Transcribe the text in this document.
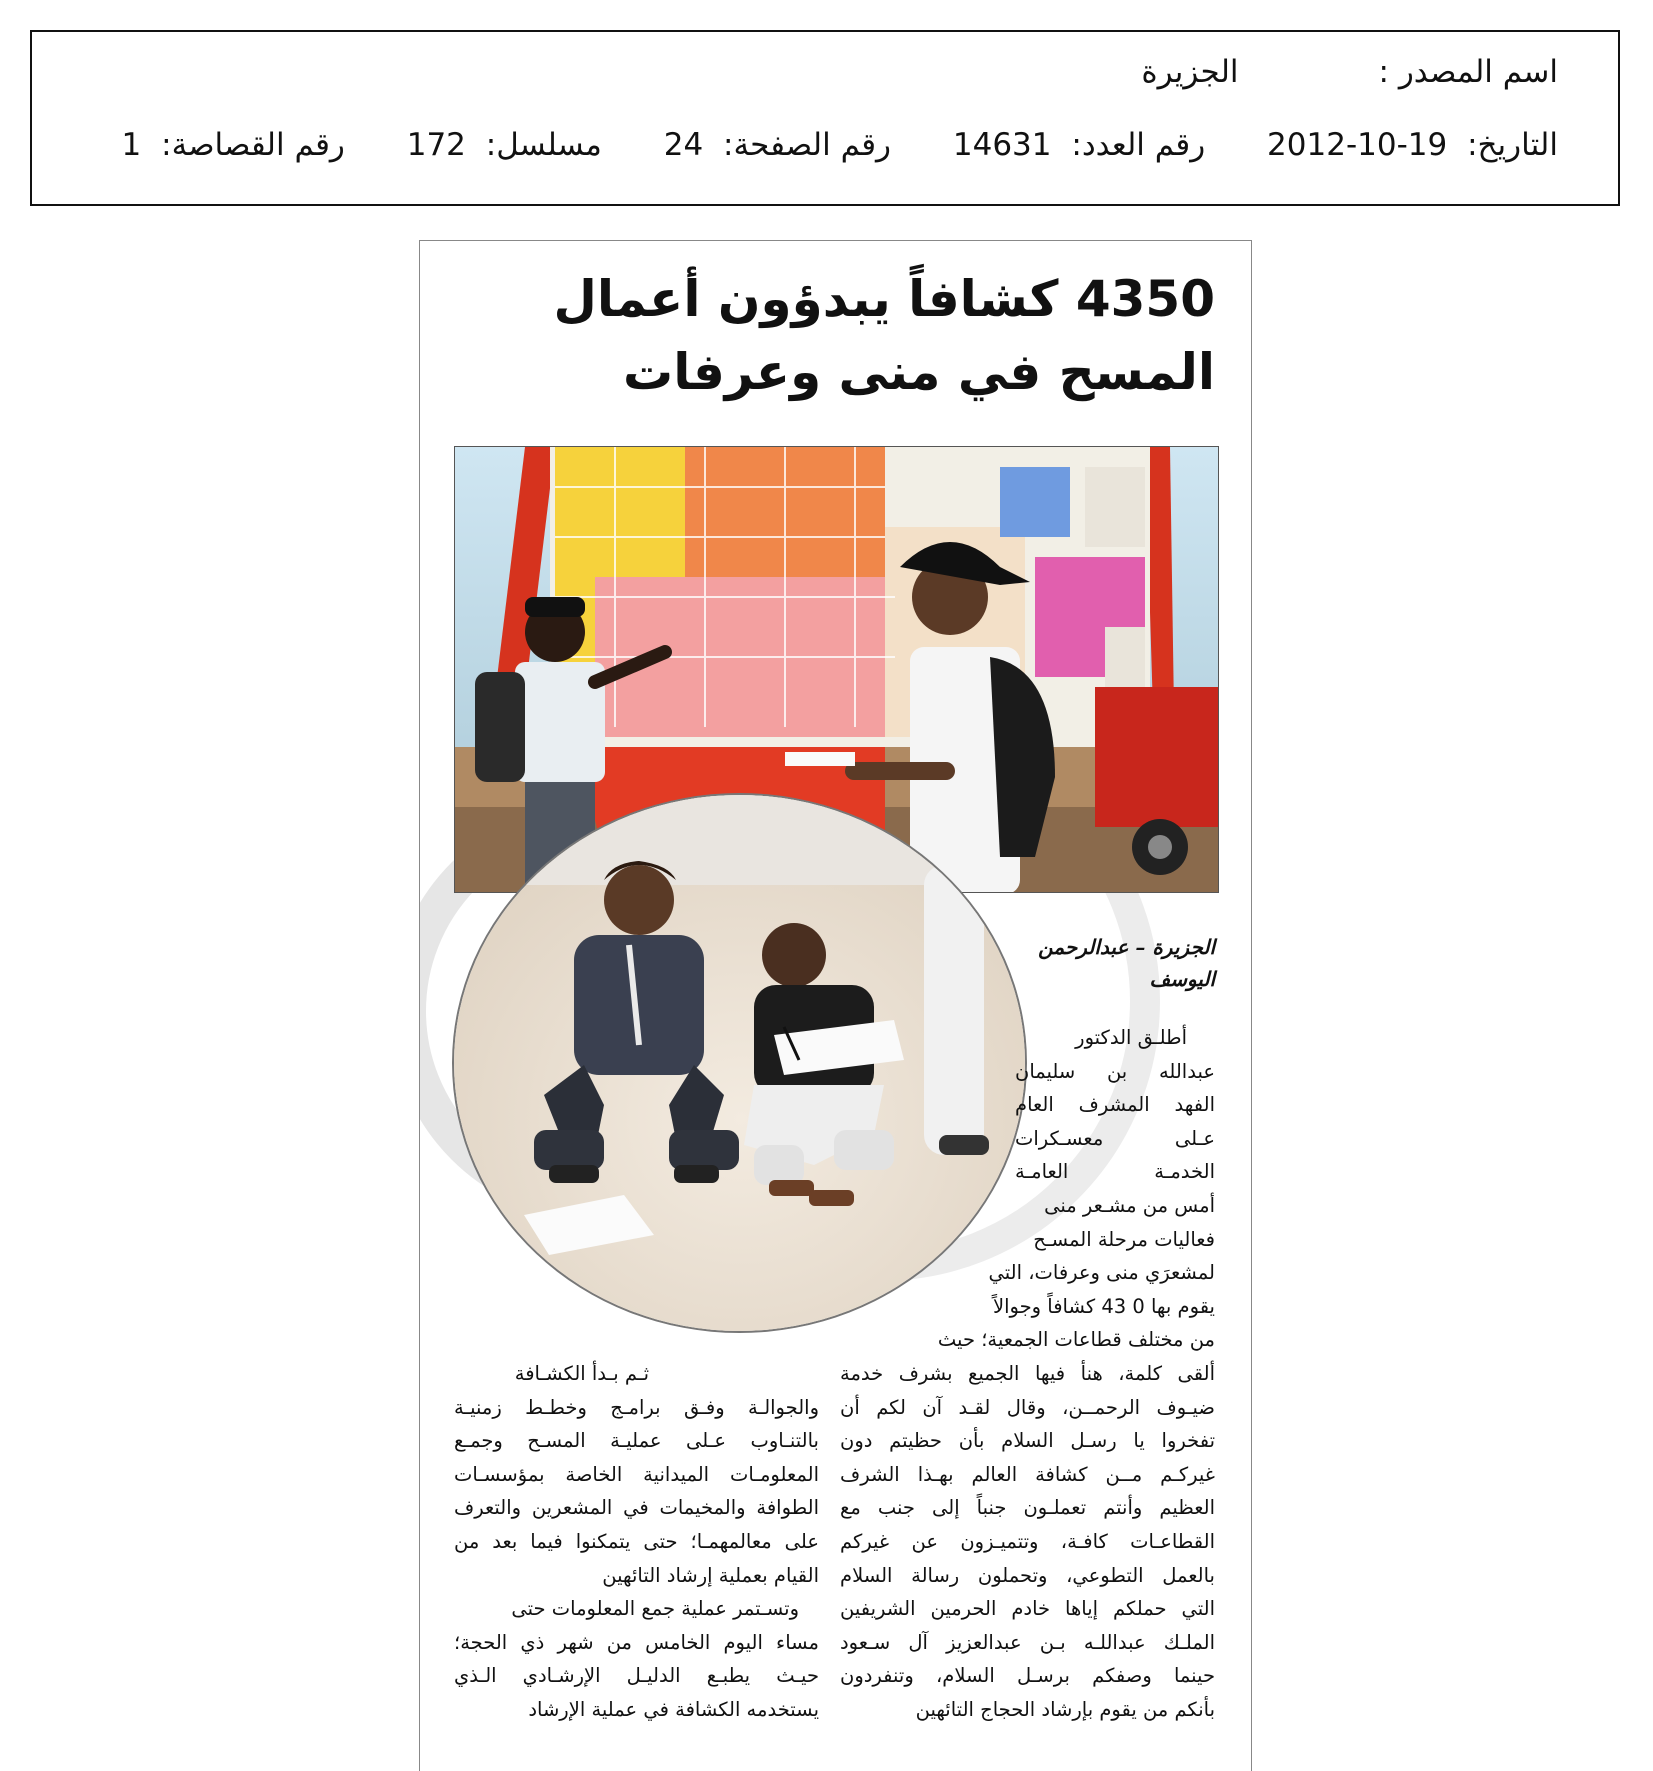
اسم المصدر :الجزيرة
التاريخ: 2012-10-19 رقم العدد: 14631 رقم الصفحة: 24 مسلسل: 172 رقم القصاصة: 1
4350 كشافاً يبدؤون أعمال
المسح في منى وعرفات
الجزيرة – عبدالرحمن
اليوسف
أطلـق الدكتور
عبدالله بن سليمان
الفهد المشرف العام
عـلى معسـكرات
الخدمـة العامـة
أمس من مشـعر منى
فعاليات مرحلة المسـح
لمشعرَي منى وعرفات، التي
يقوم بها 0 43 كشافاً وجوالاً
من مختلف قطاعات الجمعية؛ حيث
ألقى كلمة، هنأ فيها الجميع بشرف خدمة
ضيـوف الرحمــن، وقال لقـد آن لكم أن
تفخروا يا رسـل السلام بأن حظيتم دون
غيركـم مــن كشافة العالم بهـذا الشرف
العظيم وأنتم تعملـون جنباً إلى جنب مع
القطاعـات كافـة، وتتميـزون عن غيركم
بالعمل التطوعي، وتحملون رسالة السلام
التي حملكم إياها خادم الحرمين الشريفين
الملـك عبداللـه بـن عبدالعزيز آل سـعود
حينما وصفكم برسـل السلام، وتنفردون
بأنكم من يقوم بإرشاد الحجاج التائهين
ثـم بـدأ الكشـافة
والجوالـة وفـق برامـج وخطـط زمنيـة
بالتنـاوب عـلى عمليـة المسـح وجمـع
المعلومـات الميدانية الخاصة بمؤسسـات
الطوافة والمخيمات في المشعرين والتعرف
على معالمهمـا؛ حتى يتمكنوا فيما بعد من
القيام بعملية إرشاد التائهين
وتسـتمر عملية جمع المعلومات حتى
مساء اليوم الخامس من شهر ذي الحجة؛
حيـث يطبـع الدليـل الإرشـادي الـذي
يستخدمه الكشافة في عملية الإرشاد
